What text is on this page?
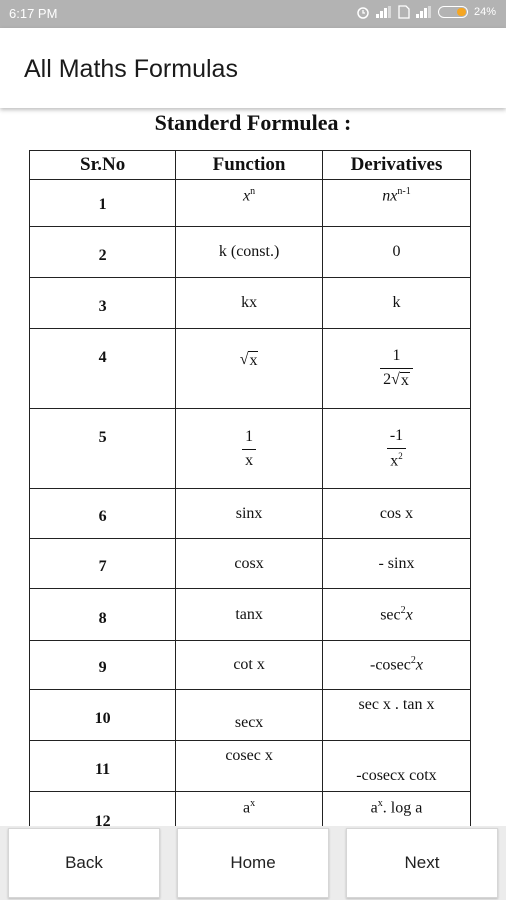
6:17 PM	24%
All Maths Formulas
Standerd Formulea :
Sr.No	Function	Derivatives
1	$x^n$	$nx^{n-1}$
2	k (const.)	0
3	kx	k
4	√ x	$\frac{1}{2√ x}$

5	$\frac{1}{x}$	$\frac{-1}{x^2}$

6	sinx	cos x
7	cosx	- sinx
8	tanx	$\sec^2x$
9	cot x	-cosec$^2$x
10	secx	sec x . tan x
11	cosec x	-cosecx cotx
12	$a^x$	$a^x$. log a
Back	Home	Next
